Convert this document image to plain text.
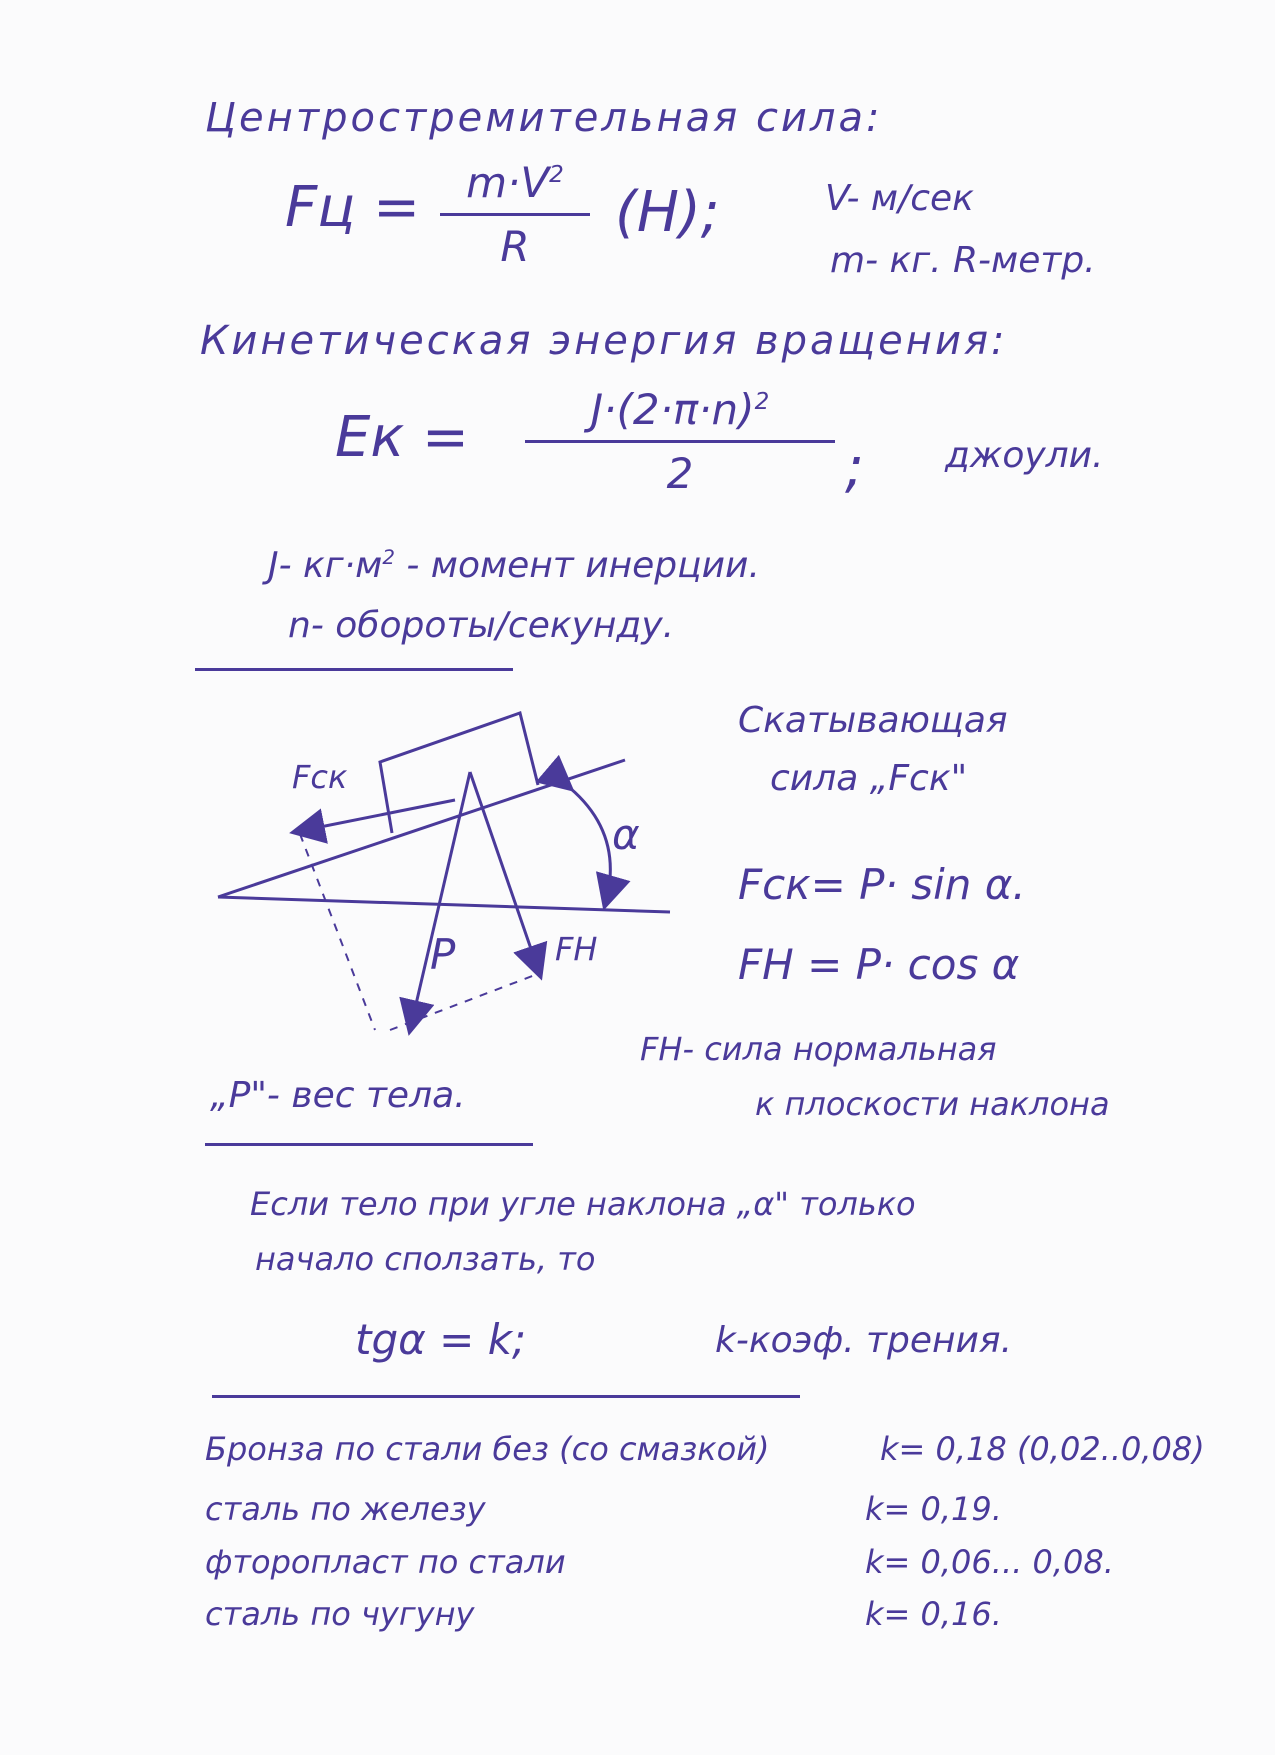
Центростремительная сила:
Fц =	$m\cdot V^2$
R
(Н);	V- м/сек
m- кг. R-метр.
Кинетическая энергия вращения:
Eк =	$J\cdot(2\cdot\pi\cdot n)^2$
2	; джоули.
J- $кг\cdot м^2$ - момент инерции.
n- обороты/секунду.
Fск
α
P	FН
Скатывающая
сила „Fск"
Fск= P· sin α.
FН = P· cos α
FН- сила нормальная
к плоскости наклона
„P"- вес тела.
Если тело при угле наклона „α" только
начало сползать, то
tgα = k;	k-коэф. трения.
Бронза по стали без (со смазкой)	k= 0,18 (0,02..0,08)
сталь по железу	k= 0,19.
фторопласт по стали	k= 0,06... 0,08.
сталь по чугуну	k= 0,16.
